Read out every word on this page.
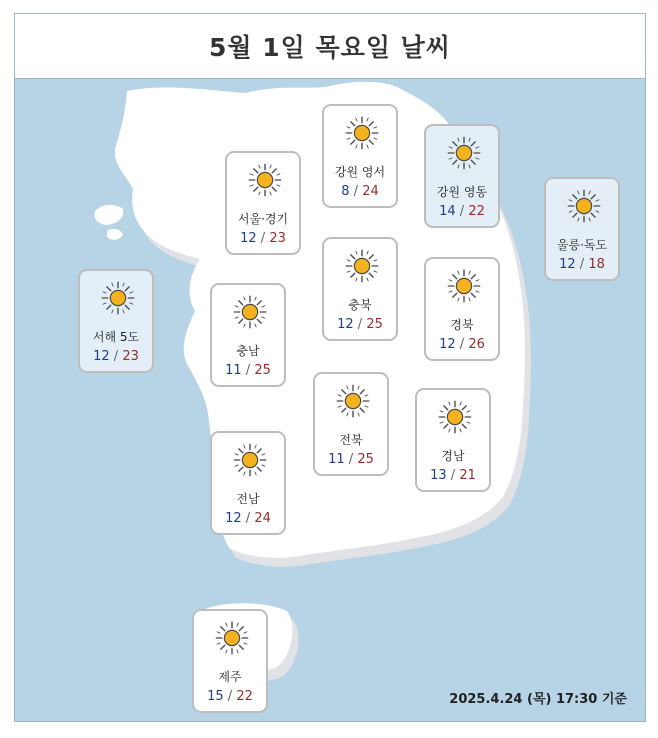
5월 1일 목요일 날씨
서울·경기
12 / 23
강원 영서
8 / 24	강원 영동
14 / 22
울릉·독도
12 / 18
서해 5도
12 / 23
충북
12 / 25	경북
12 / 26
충남
11 / 25
전북
11 / 25	경남
13 / 21
전남
12 / 24
제주
15 / 22	2025.4.24 (목) 17:30 기준
